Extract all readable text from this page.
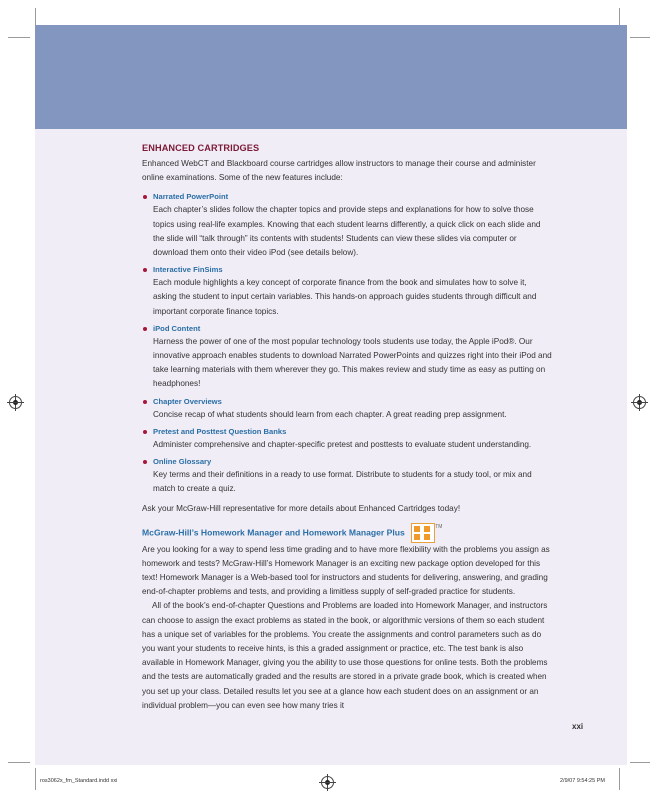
ENHANCED CARTRIDGES

Enhanced WebCT and Blackboard course cartridges allow instructors to manage their course and administer online examinations. Some of the new features include:

Narrated PowerPoint
Each chapter’s slides follow the chapter topics and provide steps and explanations for how to solve those topics using real-life examples. Knowing that each student learns differently, a quick click on each slide and the slide will “talk through” its contents with students! Students can view these slides via computer or download them onto their video iPod (see details below).
Interactive FinSims
Each module highlights a key concept of corporate finance from the book and simulates how to solve it, asking the student to input certain variables. This hands-on approach guides students through difficult and important corporate finance topics.
iPod Content
Harness the power of one of the most popular technology tools students use today, the Apple iPod®. Our innovative approach enables students to download Narrated PowerPoints and quizzes right into their iPod and take learning materials with them wherever they go. This makes review and study time as easy as putting on headphones!
Chapter Overviews
Concise recap of what students should learn from each chapter. A great reading prep assignment.
Pretest and Posttest Question Banks
Administer comprehensive and chapter-specific pretest and posttests to evaluate student understanding.
Online Glossary
Key terms and their definitions in a ready to use format. Distribute to students for a study tool, or mix and match to create a quiz.

Ask your McGraw-Hill representative for more details about Enhanced Cartridges today!

McGraw-Hill’s Homework Manager and Homework Manager Plus
TM

Are you looking for a way to spend less time grading and to have more flexibility with the problems you assign as homework and tests? McGraw-Hill’s Homework Manager is an exciting new package option developed for this text! Homework Manager is a Web-based tool for instructors and students for delivering, answering, and grading end-of-chapter problems and tests, and providing a limitless supply of self-graded practice for students.

All of the book’s end-of-chapter Questions and Problems are loaded into Homework Manager, and instructors can choose to assign the exact problems as stated in the book, or algorithmic versions of them so each student has a unique set of variables for the problems. You create the assignments and control parameters such as do you want your students to receive hints, is this a graded assignment or practice, etc. The test bank is also available in Homework Manager, giving you the ability to use those questions for online tests. Both the problems and the tests are automatically graded and the results are stored in a private grade book, which is created when you set up your class. Detailed results let you see at a glance how each student does on an assignment or an individual problem—you can even see how many tries it

xxi
ros3062x_fm_Standard.indd xxi	2/9/07 9:54:25 PM
